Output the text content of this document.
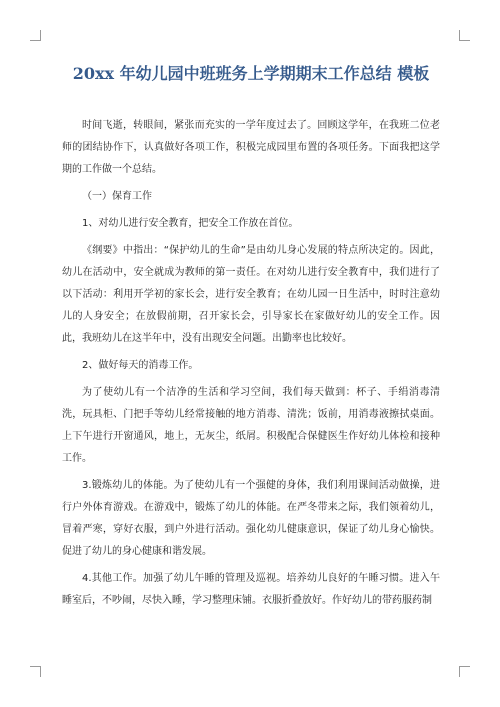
20xx 年幼儿园中班班务上学期期末工作总结 模板

时间飞逝，转眼间，紧张而充实的一学年度过去了。回顾这学年，在我班二位老师的团结协作下，认真做好各项工作，积极完成园里布置的各项任务。下面我把这学期的工作做一个总结。

（一）保育工作

1、对幼儿进行安全教育，把安全工作放在首位。

《纲要》中指出：“保护幼儿的生命”是由幼儿身心发展的特点所决定的。因此，幼儿在活动中，安全就成为教师的第一责任。在对幼儿进行安全教育中，我们进行了以下活动：利用开学初的家长会，进行安全教育；在幼儿园一日生活中，时时注意幼儿的人身安全；在放假前期，召开家长会，引导家长在家做好幼儿的安全工作。因此，我班幼儿在这半年中，没有出现安全问题。出勤率也比较好。

2、做好每天的消毒工作。

为了使幼儿有一个洁净的生活和学习空间，我们每天做到：杯子、手绢消毒清洗，玩具柜、门把手等幼儿经常接触的地方消毒、清洗；饭前，用消毒液擦拭桌面。上下午进行开窗通风，地上，无灰尘，纸屑。积极配合保健医生作好幼儿体检和接种工作。

3.锻炼幼儿的体能。为了使幼儿有一个强健的身体，我们利用课间活动做操，进行户外体育游戏。在游戏中，锻炼了幼儿的体能。在严冬带来之际，我们领着幼儿，冒着严寒，穿好衣服，到户外进行活动。强化幼儿健康意识，保证了幼儿身心愉快。促进了幼儿的身心健康和谐发展。

4.其他工作。加强了幼儿午睡的管理及巡视。培养幼儿良好的午睡习惯。进入午睡室后，不吵闹，尽快入睡，学习整理床铺。衣服折叠放好。作好幼儿的带药服药制
